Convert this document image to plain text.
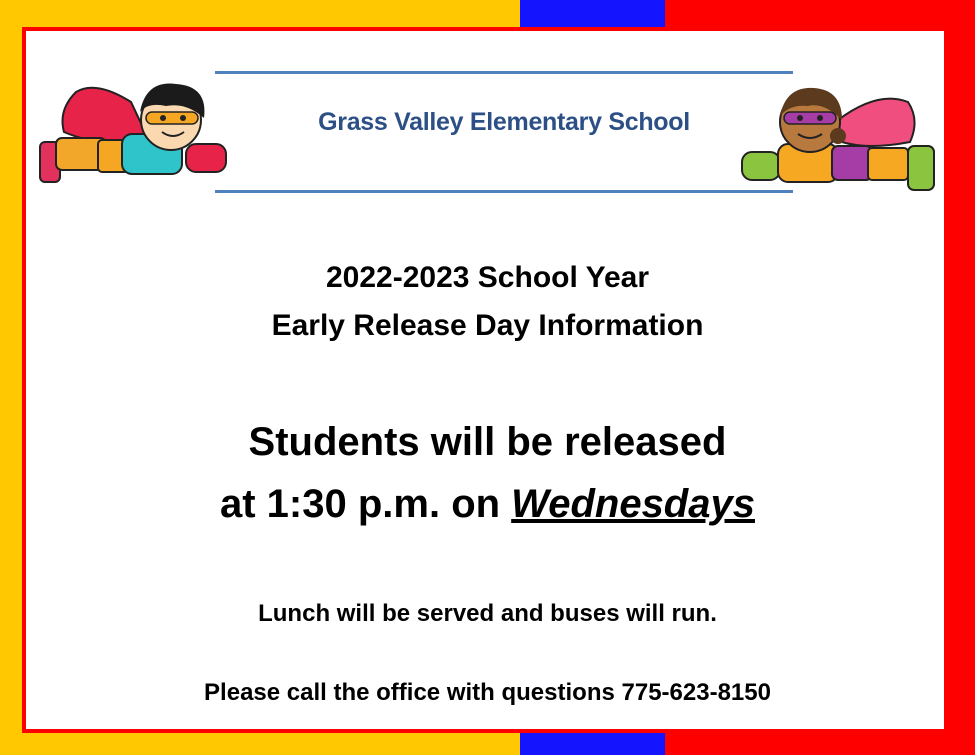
Grass Valley Elementary School
2022-2023 School Year
Early Release Day Information
Students will be released
at 1:30 p.m. on Wednesdays
Lunch will be served and buses will run.
Please call the office with questions 775-623-8150
